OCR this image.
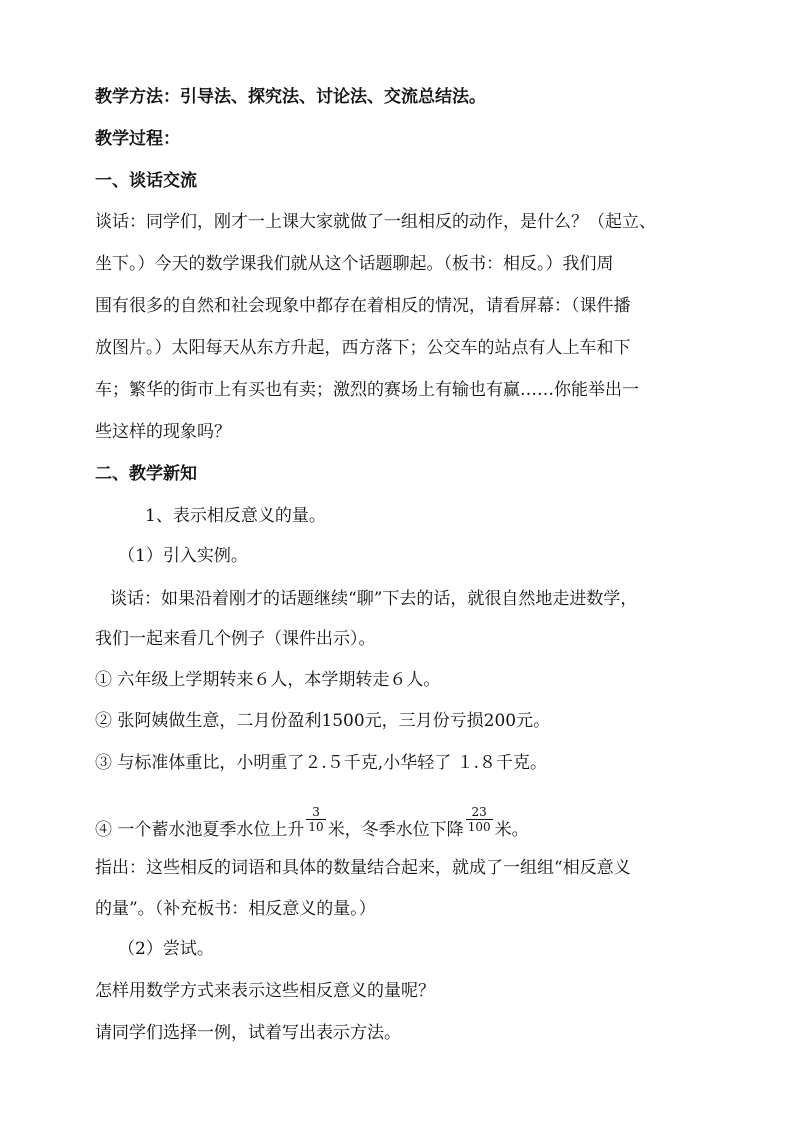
教学方法：引导法、探究法、讨论法、交流总结法。
教学过程：
一、谈话交流
谈话：同学们，刚才一上课大家就做了一组相反的动作，是什么？（起立、
坐下。）今天的数学课我们就从这个话题聊起。（板书：相反。）我们周
围有很多的自然和社会现象中都存在着相反的情况，请看屏幕：（课件播
放图片。）太阳每天从东方升起，西方落下；公交车的站点有人上车和下
车；繁华的街市上有买也有卖；激烈的赛场上有输也有赢……你能举出一
些这样的现象吗？
二、教学新知
1、表示相反意义的量。
（1）引入实例。
谈话：如果沿着刚才的话题继续“聊”下去的话，就很自然地走进数学，
我们一起来看几个例子（课件出示）。
① 六年级上学期转来６人，本学期转走６人。
② 张阿姨做生意，二月份盈利1500元，三月份亏损200元。
③ 与标准体重比，小明重了２.５千克,小华轻了 １.８千克。
④ 一个蓄水池夏季水位上升 $\frac{3}{10}$ 米，冬季水位下降 $\frac{23}{100}$ 米。
指出：这些相反的词语和具体的数量结合起来，就成了一组组“相反意义
的量”。（补充板书：相反意义的量。）
（2）尝试。
怎样用数学方式来表示这些相反意义的量呢？
请同学们选择一例，试着写出表示方法。
